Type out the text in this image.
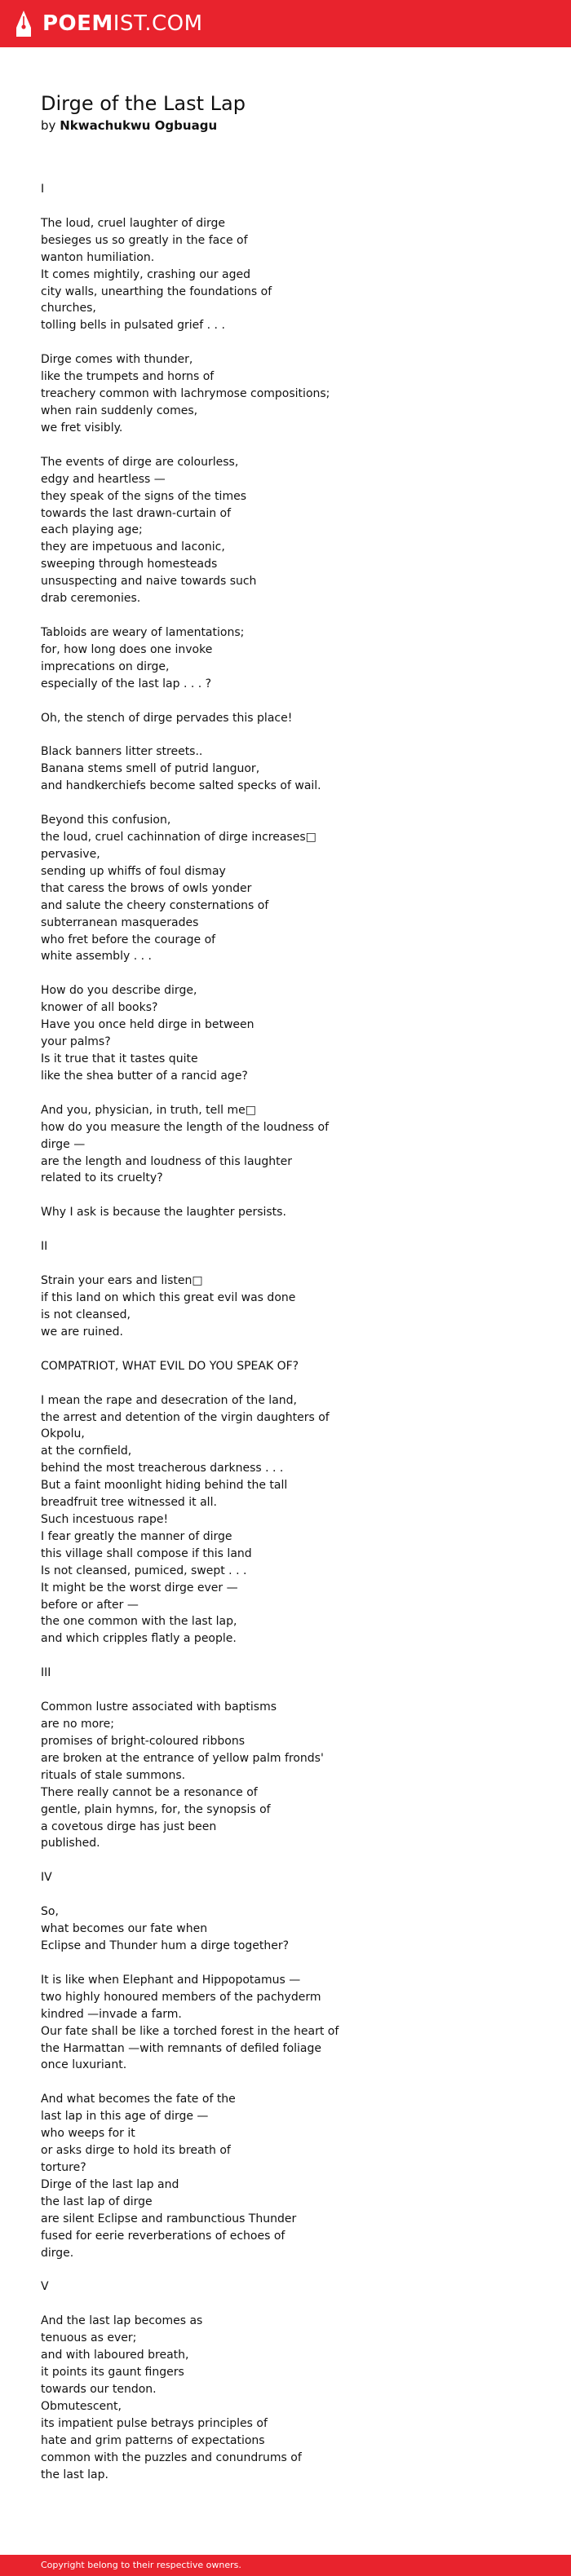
POEMIST.COM
Dirge of the Last Lap

by Nkwachukwu Ogbuagu

I

The loud, cruel laughter of dirge
besieges us so greatly in the face of
wanton humiliation.
It comes mightily, crashing our aged
city walls, unearthing the foundations of
churches,
tolling bells in pulsated grief . . .

Dirge comes with thunder,
like the trumpets and horns of
treachery common with lachrymose compositions;
when rain suddenly comes,
we fret visibly.

The events of dirge are colourless,
edgy and heartless —
they speak of the signs of the times
towards the last drawn-curtain of
each playing age;
they are impetuous and laconic,
sweeping through homesteads
unsuspecting and naive towards such
drab ceremonies.

Tabloids are weary of lamentations;
for, how long does one invoke
imprecations on dirge,
especially of the last lap . . . ?

Oh, the stench of dirge pervades this place!

Black banners litter streets..
Banana stems smell of putrid languor,
and handkerchiefs become salted specks of wail.

Beyond this confusion,
the loud, cruel cachinnation of dirge increases□
pervasive,
sending up whiffs of foul dismay
that caress the brows of owls yonder
and salute the cheery consternations of
subterranean masquerades
who fret before the courage of
white assembly . . .

How do you describe dirge,
knower of all books?
Have you once held dirge in between
your palms?
Is it true that it tastes quite
like the shea butter of a rancid age?

And you, physician, in truth, tell me□
how do you measure the length of the loudness of
dirge —
are the length and loudness of this laughter
related to its cruelty?

Why I ask is because the laughter persists.

II

Strain your ears and listen□
if this land on which this great evil was done
is not cleansed,
we are ruined.

COMPATRIOT, WHAT EVIL DO YOU SPEAK OF?

I mean the rape and desecration of the land,
the arrest and detention of the virgin daughters of
Okpolu,
at the cornfield,
behind the most treacherous darkness . . .
But a faint moonlight hiding behind the tall
breadfruit tree witnessed it all.
Such incestuous rape!
I fear greatly the manner of dirge
this village shall compose if this land
Is not cleansed, pumiced, swept . . .
It might be the worst dirge ever —
before or after —
the one common with the last lap,
and which cripples flatly a people.

III

Common lustre associated with baptisms
are no more;
promises of bright-coloured ribbons
are broken at the entrance of yellow palm fronds'
rituals of stale summons.
There really cannot be a resonance of
gentle, plain hymns, for, the synopsis of
a covetous dirge has just been
published.

IV

So,
what becomes our fate when
Eclipse and Thunder hum a dirge together?

It is like when Elephant and Hippopotamus —
two highly honoured members of the pachyderm
kindred —invade a farm.
Our fate shall be like a torched forest in the heart of
the Harmattan —with remnants of defiled foliage
once luxuriant.

And what becomes the fate of the
last lap in this age of dirge —
who weeps for it
or asks dirge to hold its breath of
torture?
Dirge of the last lap and
the last lap of dirge
are silent Eclipse and rambunctious Thunder
fused for eerie reverberations of echoes of
dirge.

V

And the last lap becomes as
tenuous as ever;
and with laboured breath,
it points its gaunt fingers
towards our tendon.
Obmutescent,
its impatient pulse betrays principles of
hate and grim patterns of expectations
common with the puzzles and conundrums of
the last lap.

Copyright belong to their respective owners.
